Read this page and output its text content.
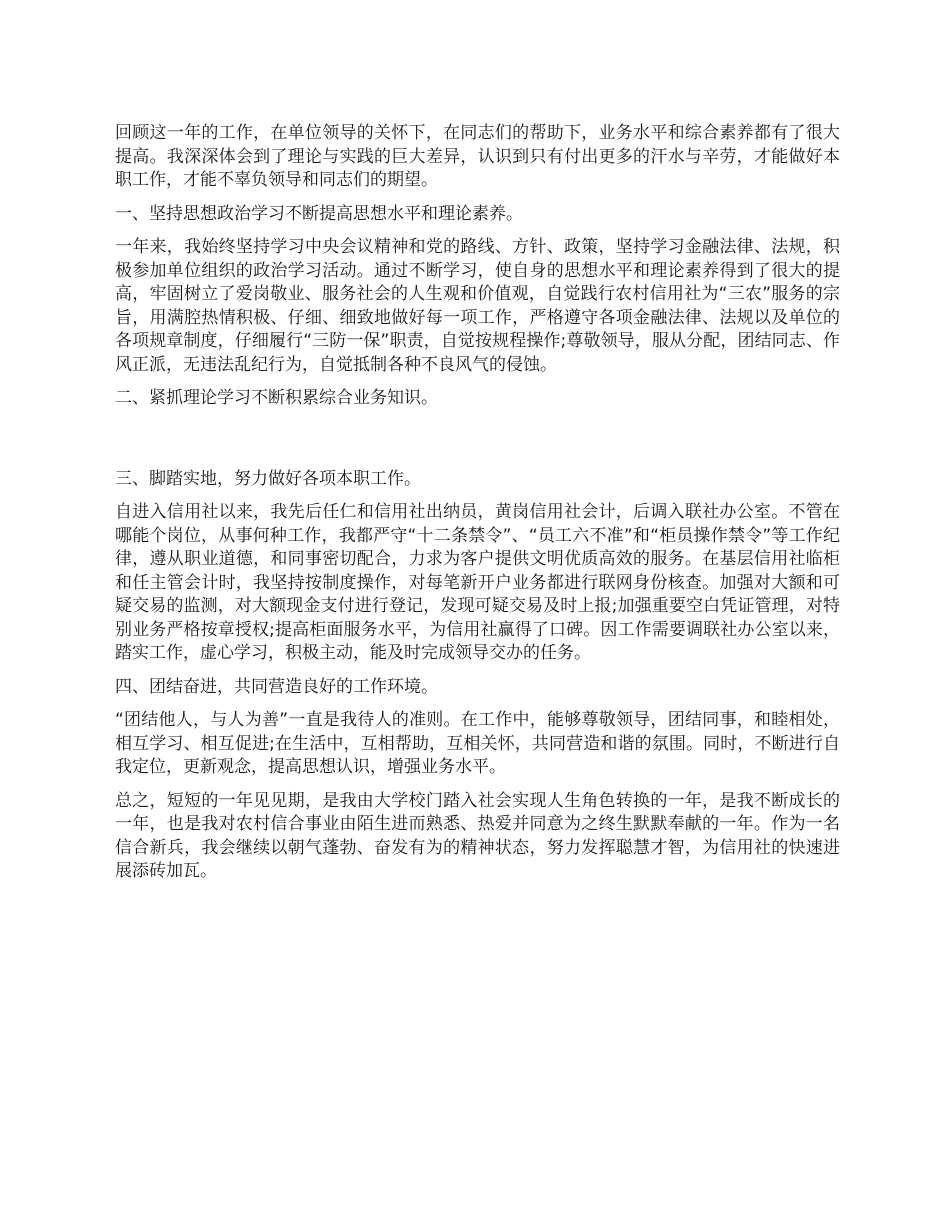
回顾这一年的工作，在单位领导的关怀下，在同志们的帮助下，业务水平和综合素养都有了很大提高。我深深体会到了理论与实践的巨大差异，认识到只有付出更多的汗水与辛劳，才能做好本职工作，才能不辜负领导和同志们的期望。

一、坚持思想政治学习不断提高思想水平和理论素养。

一年来，我始终坚持学习中央会议精神和党的路线、方针、政策，坚持学习金融法律、法规，积极参加单位组织的政治学习活动。通过不断学习，使自身的思想水平和理论素养得到了很大的提高，牢固树立了爱岗敬业、服务社会的人生观和价值观，自觉践行农村信用社为“三农”服务的宗旨，用满腔热情积极、仔细、细致地做好每一项工作，严格遵守各项金融法律、法规以及单位的各项规章制度，仔细履行“三防一保”职责，自觉按规程操作;尊敬领导，服从分配，团结同志、作风正派，无违法乱纪行为，自觉抵制各种不良风气的侵蚀。

二、紧抓理论学习不断积累综合业务知识。

三、脚踏实地，努力做好各项本职工作。

自进入信用社以来，我先后任仁和信用社出纳员，黄岗信用社会计，后调入联社办公室。不管在哪能个岗位，从事何种工作，我都严守“十二条禁令”、“员工六不准”和“柜员操作禁令”等工作纪律，遵从职业道德，和同事密切配合，力求为客户提供文明优质高效的服务。在基层信用社临柜和任主管会计时，我坚持按制度操作，对每笔新开户业务都进行联网身份核查。加强对大额和可疑交易的监测，对大额现金支付进行登记，发现可疑交易及时上报;加强重要空白凭证管理，对特别业务严格按章授权;提高柜面服务水平，为信用社赢得了口碑。因工作需要调联社办公室以来，踏实工作，虚心学习，积极主动，能及时完成领导交办的任务。

四、团结奋进，共同营造良好的工作环境。

“团结他人，与人为善”一直是我待人的准则。在工作中，能够尊敬领导，团结同事，和睦相处，相互学习、相互促进;在生活中，互相帮助，互相关怀，共同营造和谐的氛围。同时，不断进行自我定位，更新观念，提高思想认识，增强业务水平。

总之，短短的一年见见期，是我由大学校门踏入社会实现人生角色转换的一年，是我不断成长的一年，也是我对农村信合事业由陌生进而熟悉、热爱并同意为之终生默默奉献的一年。作为一名信合新兵，我会继续以朝气蓬勃、奋发有为的精神状态，努力发挥聪慧才智，为信用社的快速进展添砖加瓦。
